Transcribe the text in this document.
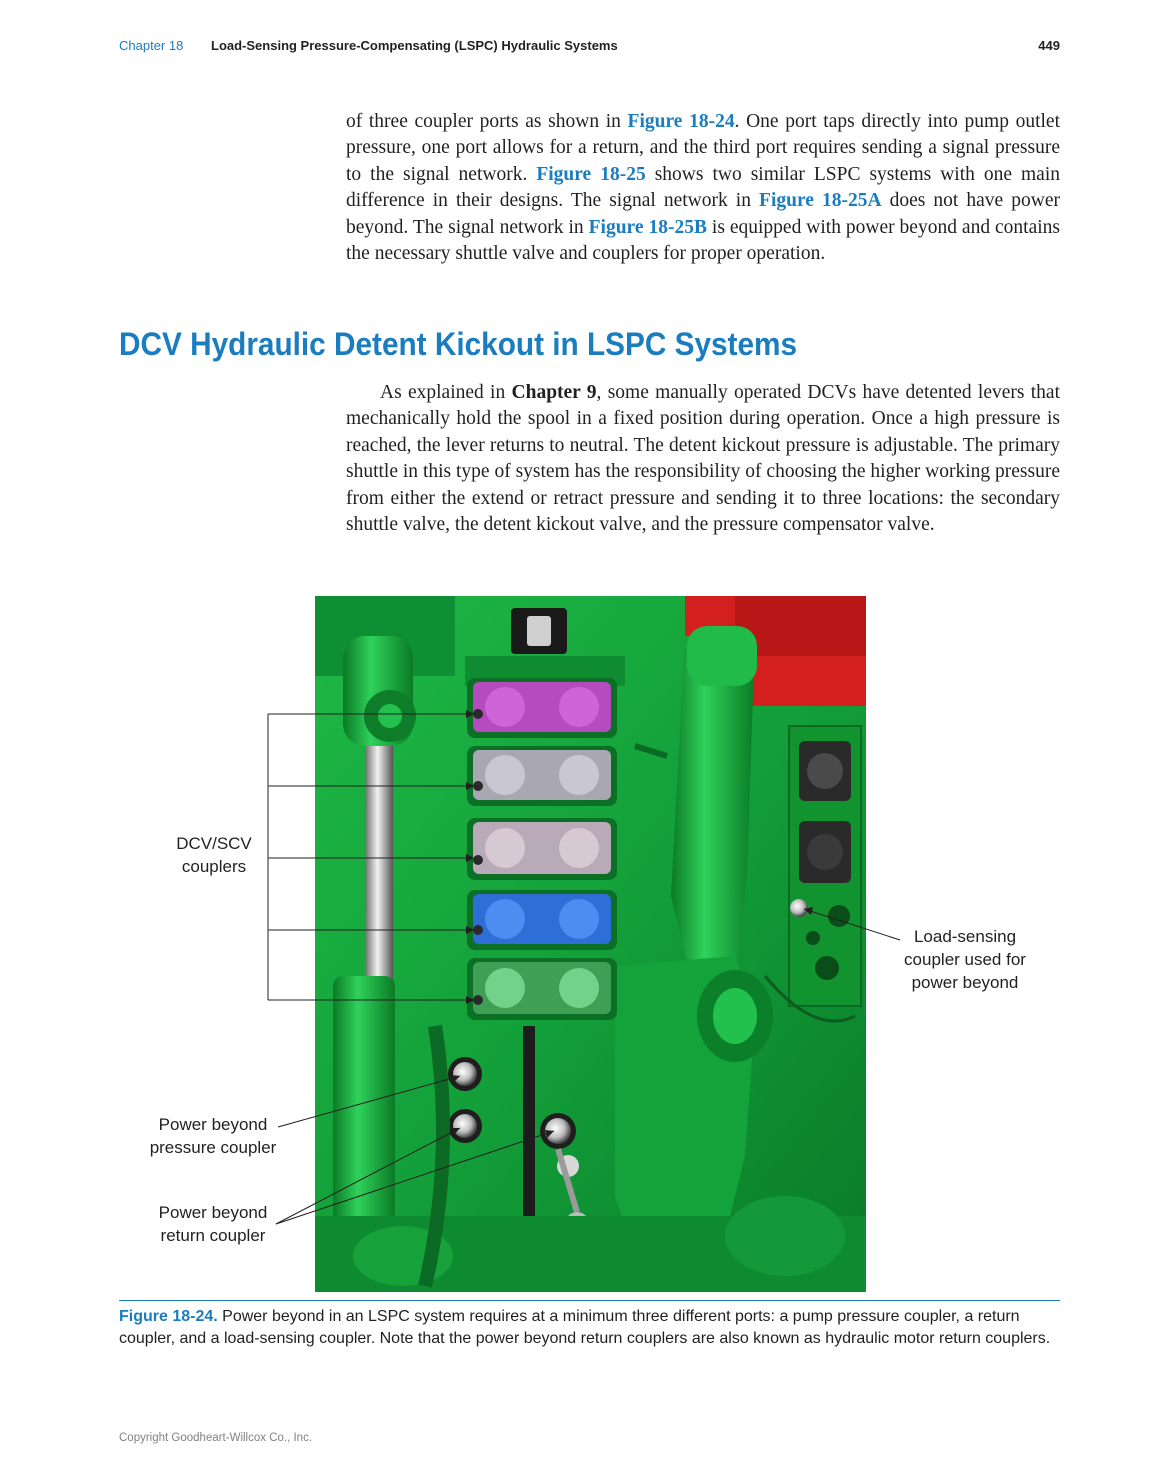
Chapter 18 Load-Sensing Pressure-Compensating (LSPC) Hydraulic Systems	449

of three coupler ports as shown in Figure 18-24. One port taps directly into pump outlet pressure, one port allows for a return, and the third port requires sending a signal pressure to the signal network. Figure 18-25 shows two similar LSPC systems with one main difference in their designs. The signal network in Figure 18-25A does not have power beyond. The signal network in Figure 18-25B is equipped with power beyond and contains the necessary shuttle valve and couplers for proper operation.

DCV Hydraulic Detent Kickout in LSPC Systems

As explained in Chapter 9, some manually operated DCVs have detented levers that mechanically hold the spool in a fixed position during operation. Once a high pressure is reached, the lever returns to neutral. The detent kickout pressure is adjustable. The primary shuttle in this type of system has the responsibility of choosing the higher working pressure from either the extend or retract pressure and sending it to three locations: the secondary shuttle valve, the detent kickout valve, and the pressure compensator valve.

DCV/SCV
couplers
Load-sensing
coupler used for
power beyond
Power beyond
pressure coupler
Power beyond
return coupler

Figure 18-24. Power beyond in an LSPC system requires at a minimum three different ports: a pump pressure coupler, a return coupler, and a load-sensing coupler. Note that the power beyond return couplers are also known as hydraulic motor return couplers.

Copyright Goodheart-Willcox Co., Inc.
